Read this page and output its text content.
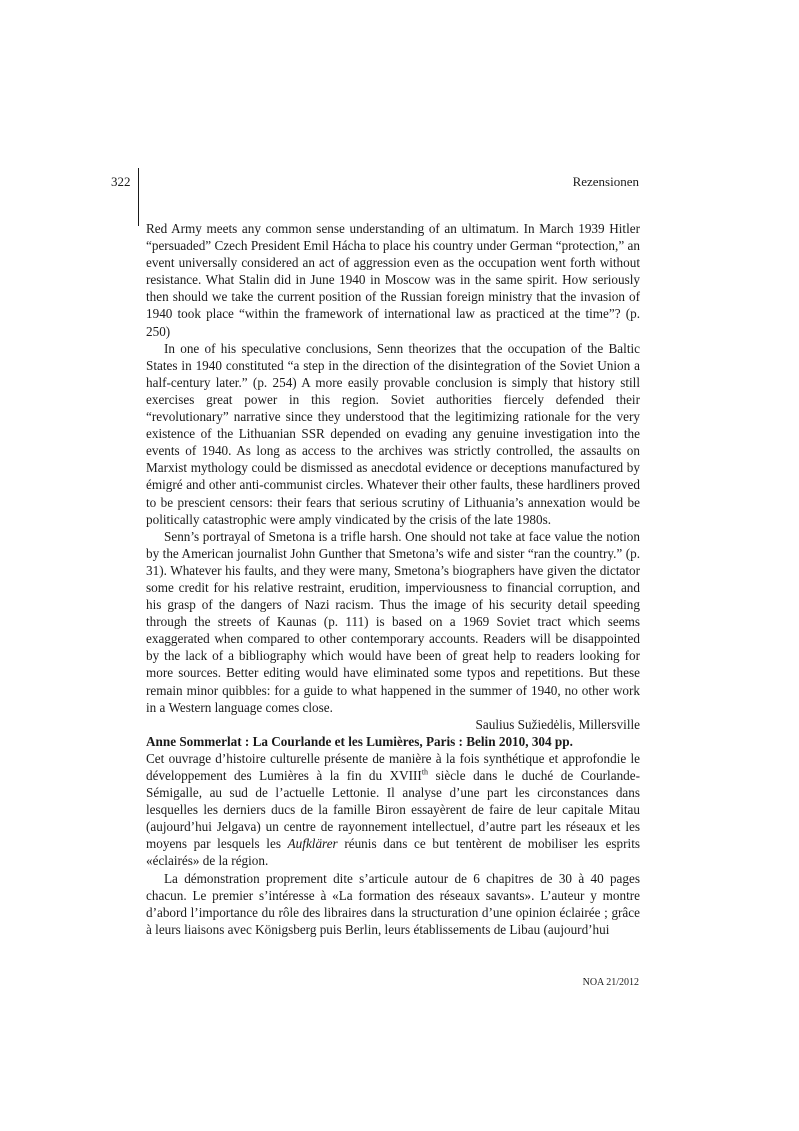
322	Rezensionen

Red Army meets any common sense understanding of an ultimatum. In March 1939 Hitler “persuaded” Czech President Emil Hácha to place his country under German “protection,” an event universally considered an act of aggression even as the occupation went forth without resistance. What Stalin did in June 1940 in Moscow was in the same spirit. How seriously then should we take the current position of the Russian foreign ministry that the invasion of 1940 took place “within the framework of international law as practiced at the time”? (p. 250)

In one of his speculative conclusions, Senn theorizes that the occupation of the Baltic States in 1940 constituted “a step in the direction of the disintegration of the Soviet Union a half-century later.” (p. 254) A more easily provable conclusion is simply that history still exercises great power in this region. Soviet authorities fiercely defended their “revolutionary” narrative since they understood that the legitimizing rationale for the very existence of the Lithuanian SSR depended on evading any genuine investigation into the events of 1940. As long as access to the archives was strictly controlled, the assaults on Marxist mythology could be dismissed as anecdotal evidence or deceptions manufactured by émigré and other anti-communist circles. Whatever their other faults, these hardliners proved to be prescient censors: their fears that serious scrutiny of Lithuania’s annexation would be politically catastrophic were amply vindicated by the crisis of the late 1980s.

Senn’s portrayal of Smetona is a trifle harsh. One should not take at face value the notion by the American journalist John Gunther that Smetona’s wife and sister “ran the country.” (p. 31). Whatever his faults, and they were many, Smetona’s biographers have given the dictator some credit for his relative restraint, erudition, imperviousness to financial corruption, and his grasp of the dangers of Nazi racism. Thus the image of his security detail speeding through the streets of Kaunas (p. 111) is based on a 1969 Soviet tract which seems exaggerated when compared to other contemporary accounts. Readers will be disappointed by the lack of a bibliography which would have been of great help to readers looking for more sources. Better editing would have eliminated some typos and repetitions. But these remain minor quibbles: for a guide to what happened in the summer of 1940, no other work in a Western language comes close.

Saulius Sužiedėlis, Millersville

Anne Sommerlat : La Courlande et les Lumières, Paris : Belin 2010, 304 pp.

Cet ouvrage d’histoire culturelle présente de manière à la fois synthétique et approfondie le développement des Lumières à la fin du XVIIIth siècle dans le duché de Courlande-Sémigalle, au sud de l’actuelle Lettonie. Il analyse d’une part les circonstances dans lesquelles les derniers ducs de la famille Biron essayèrent de faire de leur capitale Mitau (aujourd’hui Jelgava) un centre de rayonnement intellectuel, d’autre part les réseaux et les moyens par lesquels les Aufklärer réunis dans ce but tentèrent de mobiliser les esprits «éclairés» de la région.

La démonstration proprement dite s’articule autour de 6 chapitres de 30 à 40 pages chacun. Le premier s’intéresse à «La formation des réseaux savants». L’auteur y montre d’abord l’importance du rôle des libraires dans la structuration d’une opinion éclairée ; grâce à leurs liaisons avec Königsberg puis Berlin, leurs établissements de Libau (aujourd’hui

NOA 21/2012
